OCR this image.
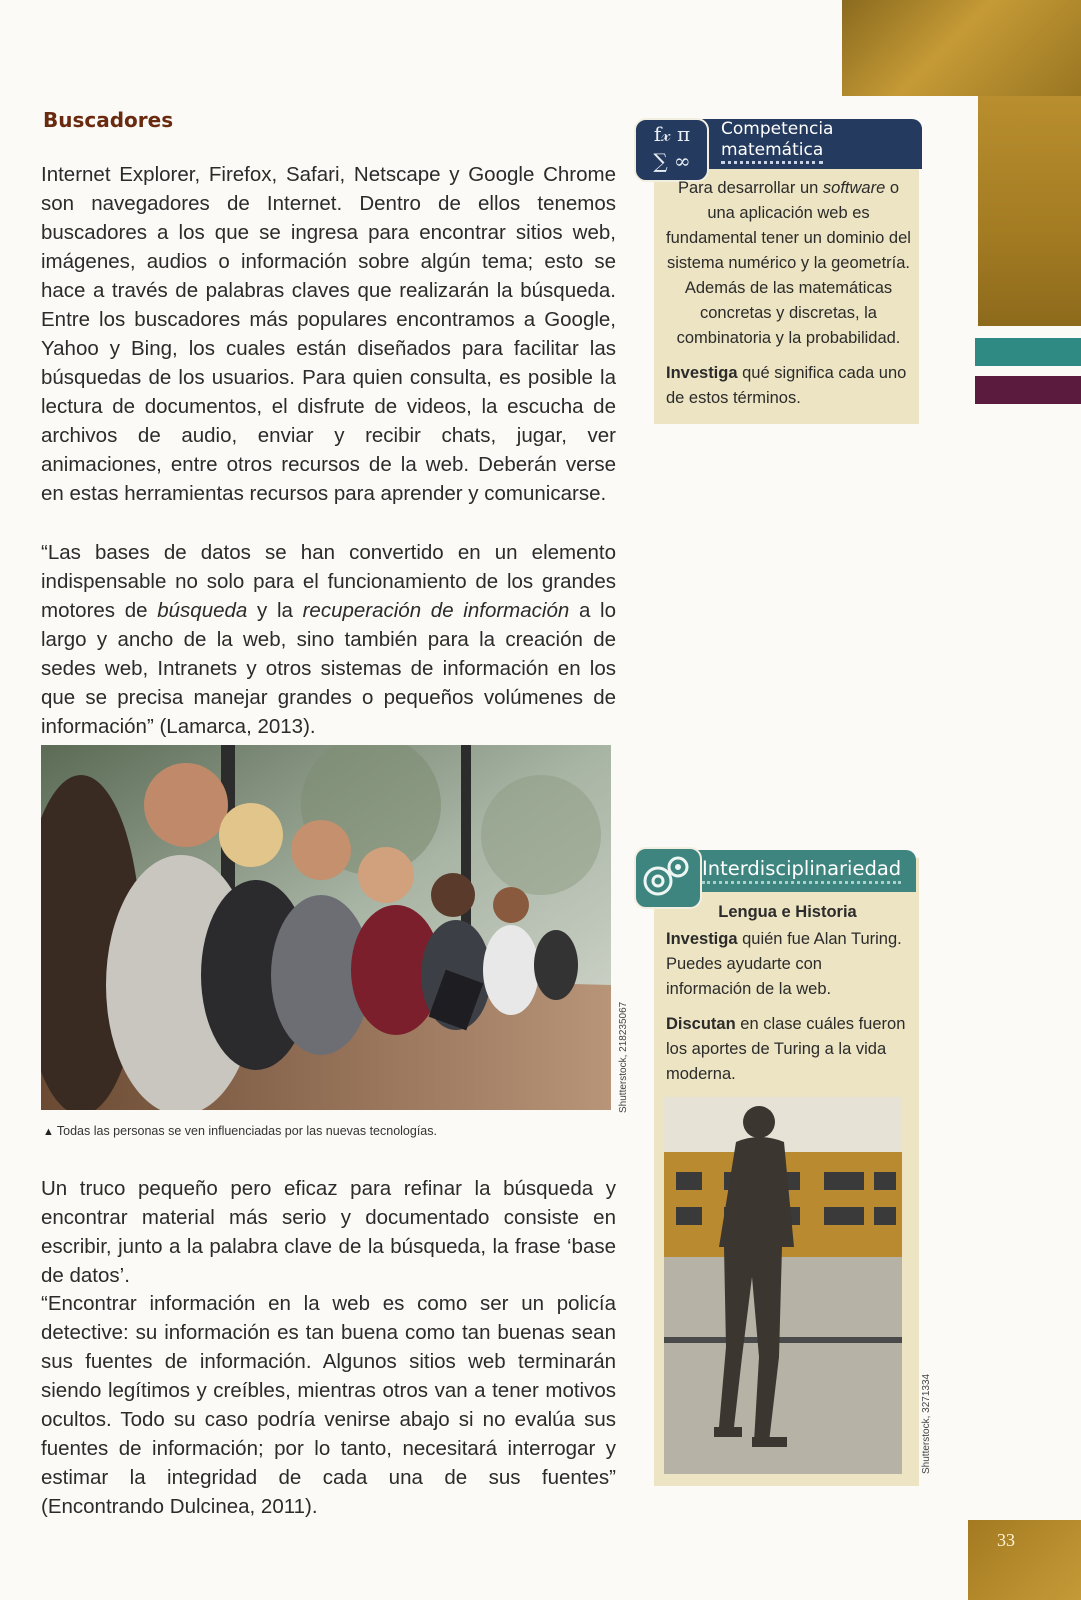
33
Buscadores
Internet Explorer, Firefox, Safari, Netscape y Google Chrome son navegadores de Internet. Dentro de ellos tenemos buscadores a los que se ingresa para encontrar sitios web, imágenes, audios o información sobre algún tema; esto se hace a través de palabras claves que realizarán la búsqueda. Entre los buscadores más populares encontramos a Google, Yahoo y Bing, los cuales están diseñados para facilitar las búsquedas de los usuarios. Para quien consulta, es posible la lectura de documentos, el disfrute de videos, la escucha de archivos de audio, enviar y recibir chats, jugar, ver animaciones, entre otros recursos de la web. Deberán verse en estas herramientas recursos para aprender y comunicarse.
“Las bases de datos se han convertido en un elemento indispensable no solo para el funcionamiento de los grandes motores de búsqueda y la recuperación de información a lo largo y ancho de la web, sino también para la creación de sedes web, Intranets y otros sistemas de información en los que se precisa manejar grandes o pequeños volúmenes de información” (Lamarca, 2013).
Shutterstock, 218235067
▲ Todas las personas se ven influenciadas por las nuevas tecnologías.
Un truco pequeño pero eficaz para refinar la búsqueda y encontrar material más serio y documentado consiste en escribir, junto a la palabra clave de la búsqueda, la frase ‘base de datos’.
“Encontrar información en la web es como ser un policía detective: su información es tan buena como tan buenas sean sus fuentes de información. Algunos sitios web terminarán siendo legítimos y creíbles, mientras otros van a tener motivos ocultos. Todo su caso podría venirse abajo si no evalúa sus fuentes de información; por lo tanto, necesitará interrogar y estimar la integridad de cada una de sus fuentes” (Encontrando Dulcinea, 2011).
f𝓍 π
∑ ∞
Competencia
matemática
Para desarrollar un software o una aplicación web es fundamental tener un dominio del sistema numérico y la geometría. Además de las matemáticas concretas y discretas, la combinatoria y la probabilidad.
Investiga qué significa cada uno de estos términos.
Interdisciplinariedad
Lengua e Historia
Investiga quién fue Alan Turing. Puedes ayudarte con información de la web.
Discutan en clase cuáles fueron los aportes de Turing a la vida moderna.
Shutterstock, 3271334
